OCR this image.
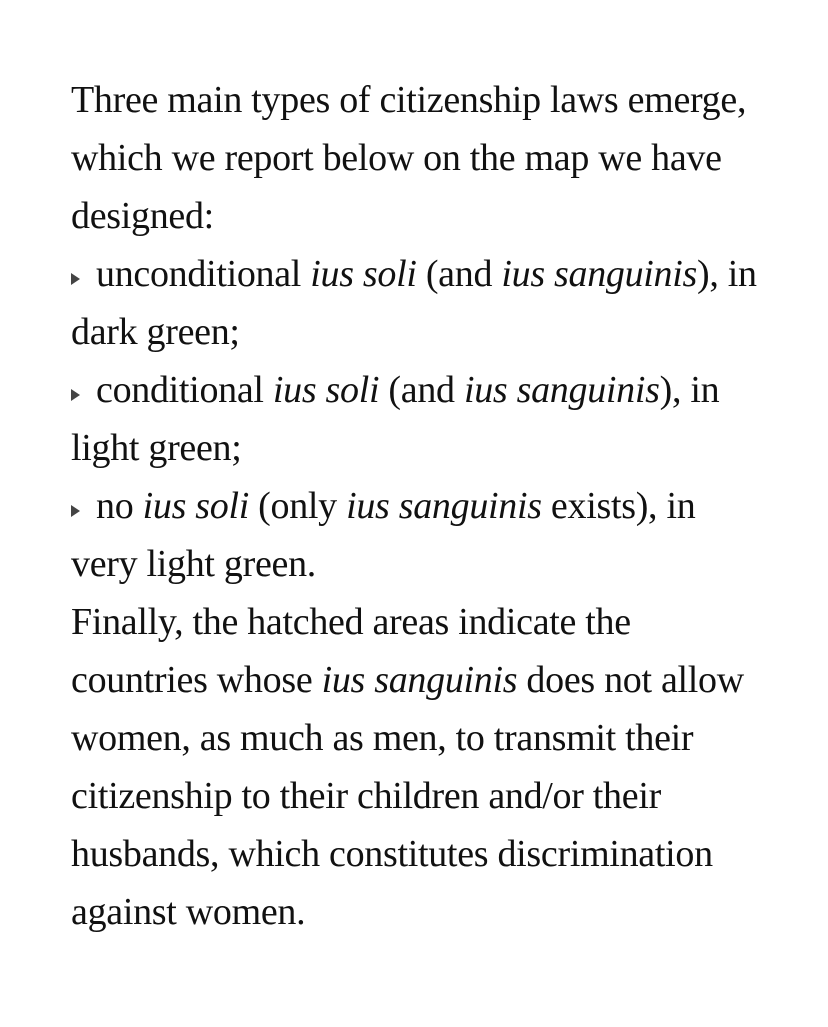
Three main types of citizenship laws emerge, which we report below on the map we have designed:

unconditional ius soli (and ius sanguinis), in dark green;

conditional ius soli (and ius sanguinis), in light green;

no ius soli (only ius sanguinis exists), in very light green.

Finally, the hatched areas indicate the countries whose ius sanguinis does not allow women, as much as men, to transmit their citizenship to their children and/or their husbands, which constitutes discrimination against women.
